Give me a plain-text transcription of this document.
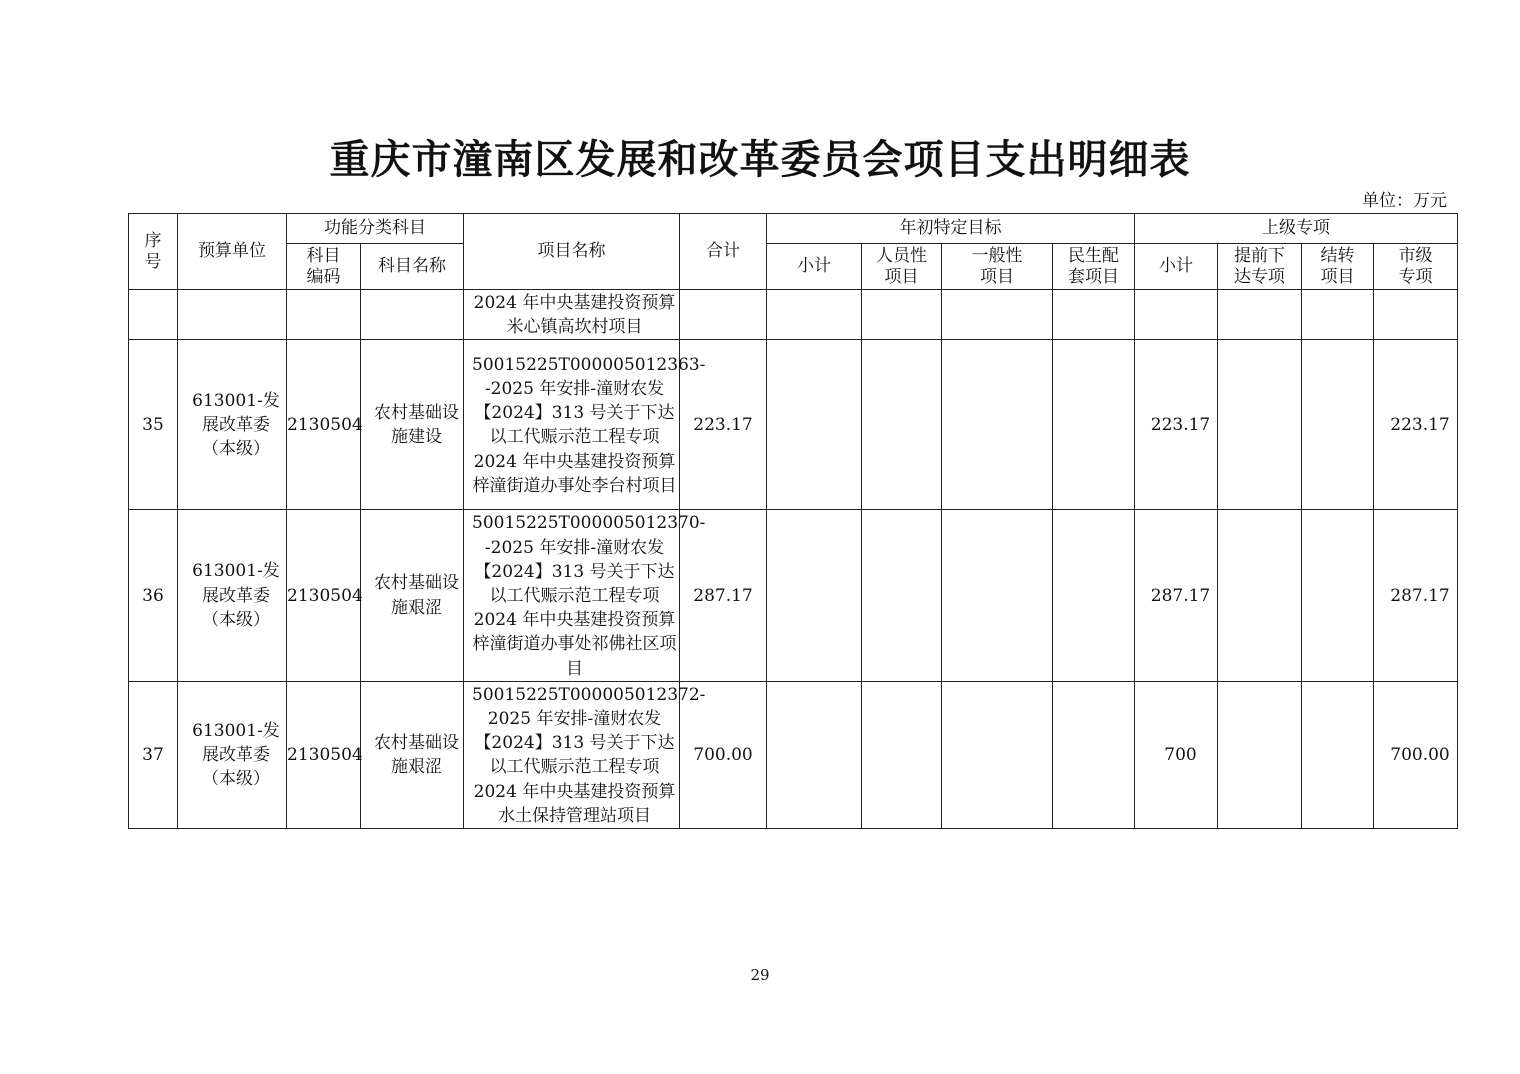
重庆市潼南区发展和改革委员会项目支出明细表
单位：万元
序号	预算单位	功能分类科目		项目名称	合计	年初特定目标				上级专项			
		科目编码	科目名称			小计	人员性项目	一般性项目	民生配套项目	小计	提前下达专项	结转项目	市级专项
				2024 年中央基建投资预算米心镇高坎村项目									
35	613001-发展改革委（本级）	2130504	农村基础设施建设	50015225T000005012363--2025 年安排-潼财农发【2024】313 号关于下达以工代赈示范工程专项 2024 年中央基建投资预算梓潼街道办事处李台村项目	223.17					223.17			223.17
36	613001-发展改革委（本级）	2130504	农村基础设施艰涩	50015225T000005012370--2025 年安排-潼财农发【2024】313 号关于下达以工代赈示范工程专项 2024 年中央基建投资预算梓潼街道办事处祁佛社区项目	287.17					287.17			287.17
37	613001-发展改革委（本级）	2130504	农村基础设施艰涩	50015225T000005012372-2025 年安排-潼财农发【2024】313 号关于下达以工代赈示范工程专项 2024 年中央基建投资预算水土保持管理站项目	700.00					700			700.00
29
